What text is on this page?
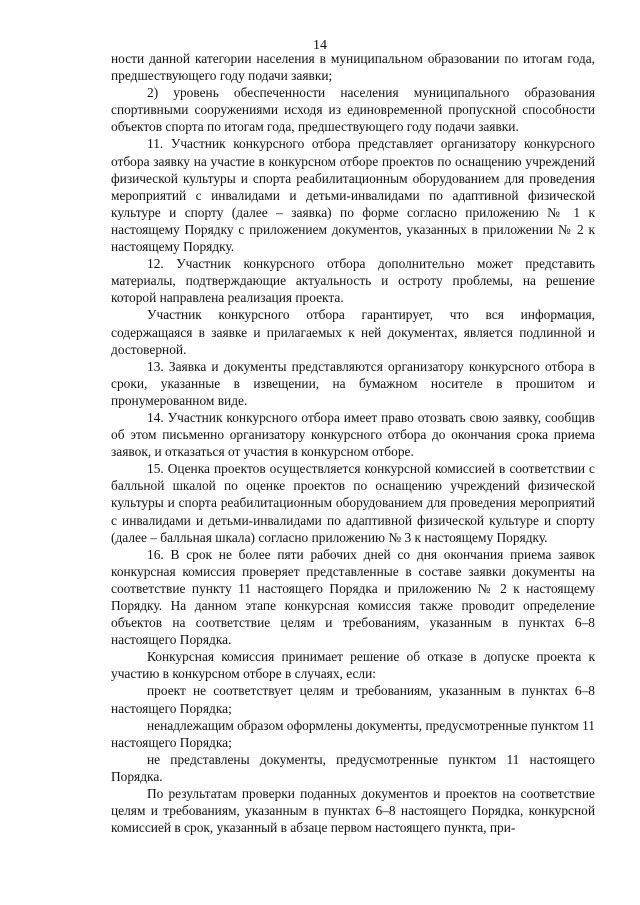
14

ности данной категории населения в муниципальном образовании по итогам года, предшествующего году подачи заявки;

2) уровень обеспеченности населения муниципального образования спортивными сооружениями исходя из единовременной пропускной способности объектов спорта по итогам года, предшествующего году подачи заявки.

11. Участник конкурсного отбора представляет организатору конкурсного отбора заявку на участие в конкурсном отборе проектов по оснащению учреждений физической культуры и спорта реабилитационным оборудованием для проведения мероприятий с инвалидами и детьми-инвалидами по адаптивной физической культуре и спорту (далее – заявка) по форме согласно приложению № 1 к настоящему Порядку с приложением документов, указанных в приложении № 2 к настоящему Порядку.

12. Участник конкурсного отбора дополнительно может представить материалы, подтверждающие актуальность и остроту проблемы, на решение которой направлена реализация проекта.

Участник конкурсного отбора гарантирует, что вся информация, содержащаяся в заявке и прилагаемых к ней документах, является подлинной и достоверной.

13. Заявка и документы представляются организатору конкурсного отбора в сроки, указанные в извещении, на бумажном носителе в прошитом и пронумерованном виде.

14. Участник конкурсного отбора имеет право отозвать свою заявку, сообщив об этом письменно организатору конкурсного отбора до окончания срока приема заявок, и отказаться от участия в конкурсном отборе.

15. Оценка проектов осуществляется конкурсной комиссией в соответствии с балльной шкалой по оценке проектов по оснащению учреждений физической культуры и спорта реабилитационным оборудованием для проведения мероприятий с инвалидами и детьми-инвалидами по адаптивной физической культуре и спорту (далее – балльная шкала) согласно приложению № 3 к настоящему Порядку.

16. В срок не более пяти рабочих дней со дня окончания приема заявок конкурсная комиссия проверяет представленные в составе заявки документы на соответствие пункту 11 настоящего Порядка и приложению № 2 к настоящему Порядку. На данном этапе конкурсная комиссия также проводит определение объектов на соответствие целям и требованиям, указанным в пунктах 6–8 настоящего Порядка.

Конкурсная комиссия принимает решение об отказе в допуске проекта к участию в конкурсном отборе в случаях, если:

проект не соответствует целям и требованиям, указанным в пунктах 6–8 настоящего Порядка;

ненадлежащим образом оформлены документы, предусмотренные пунктом 11 настоящего Порядка;

не представлены документы, предусмотренные пунктом 11 настоящего Порядка.

По результатам проверки поданных документов и проектов на соответствие целям и требованиям, указанным в пунктах 6–8 настоящего Порядка, конкурсной комиссией в срок, указанный в абзаце первом настоящего пункта, при-
